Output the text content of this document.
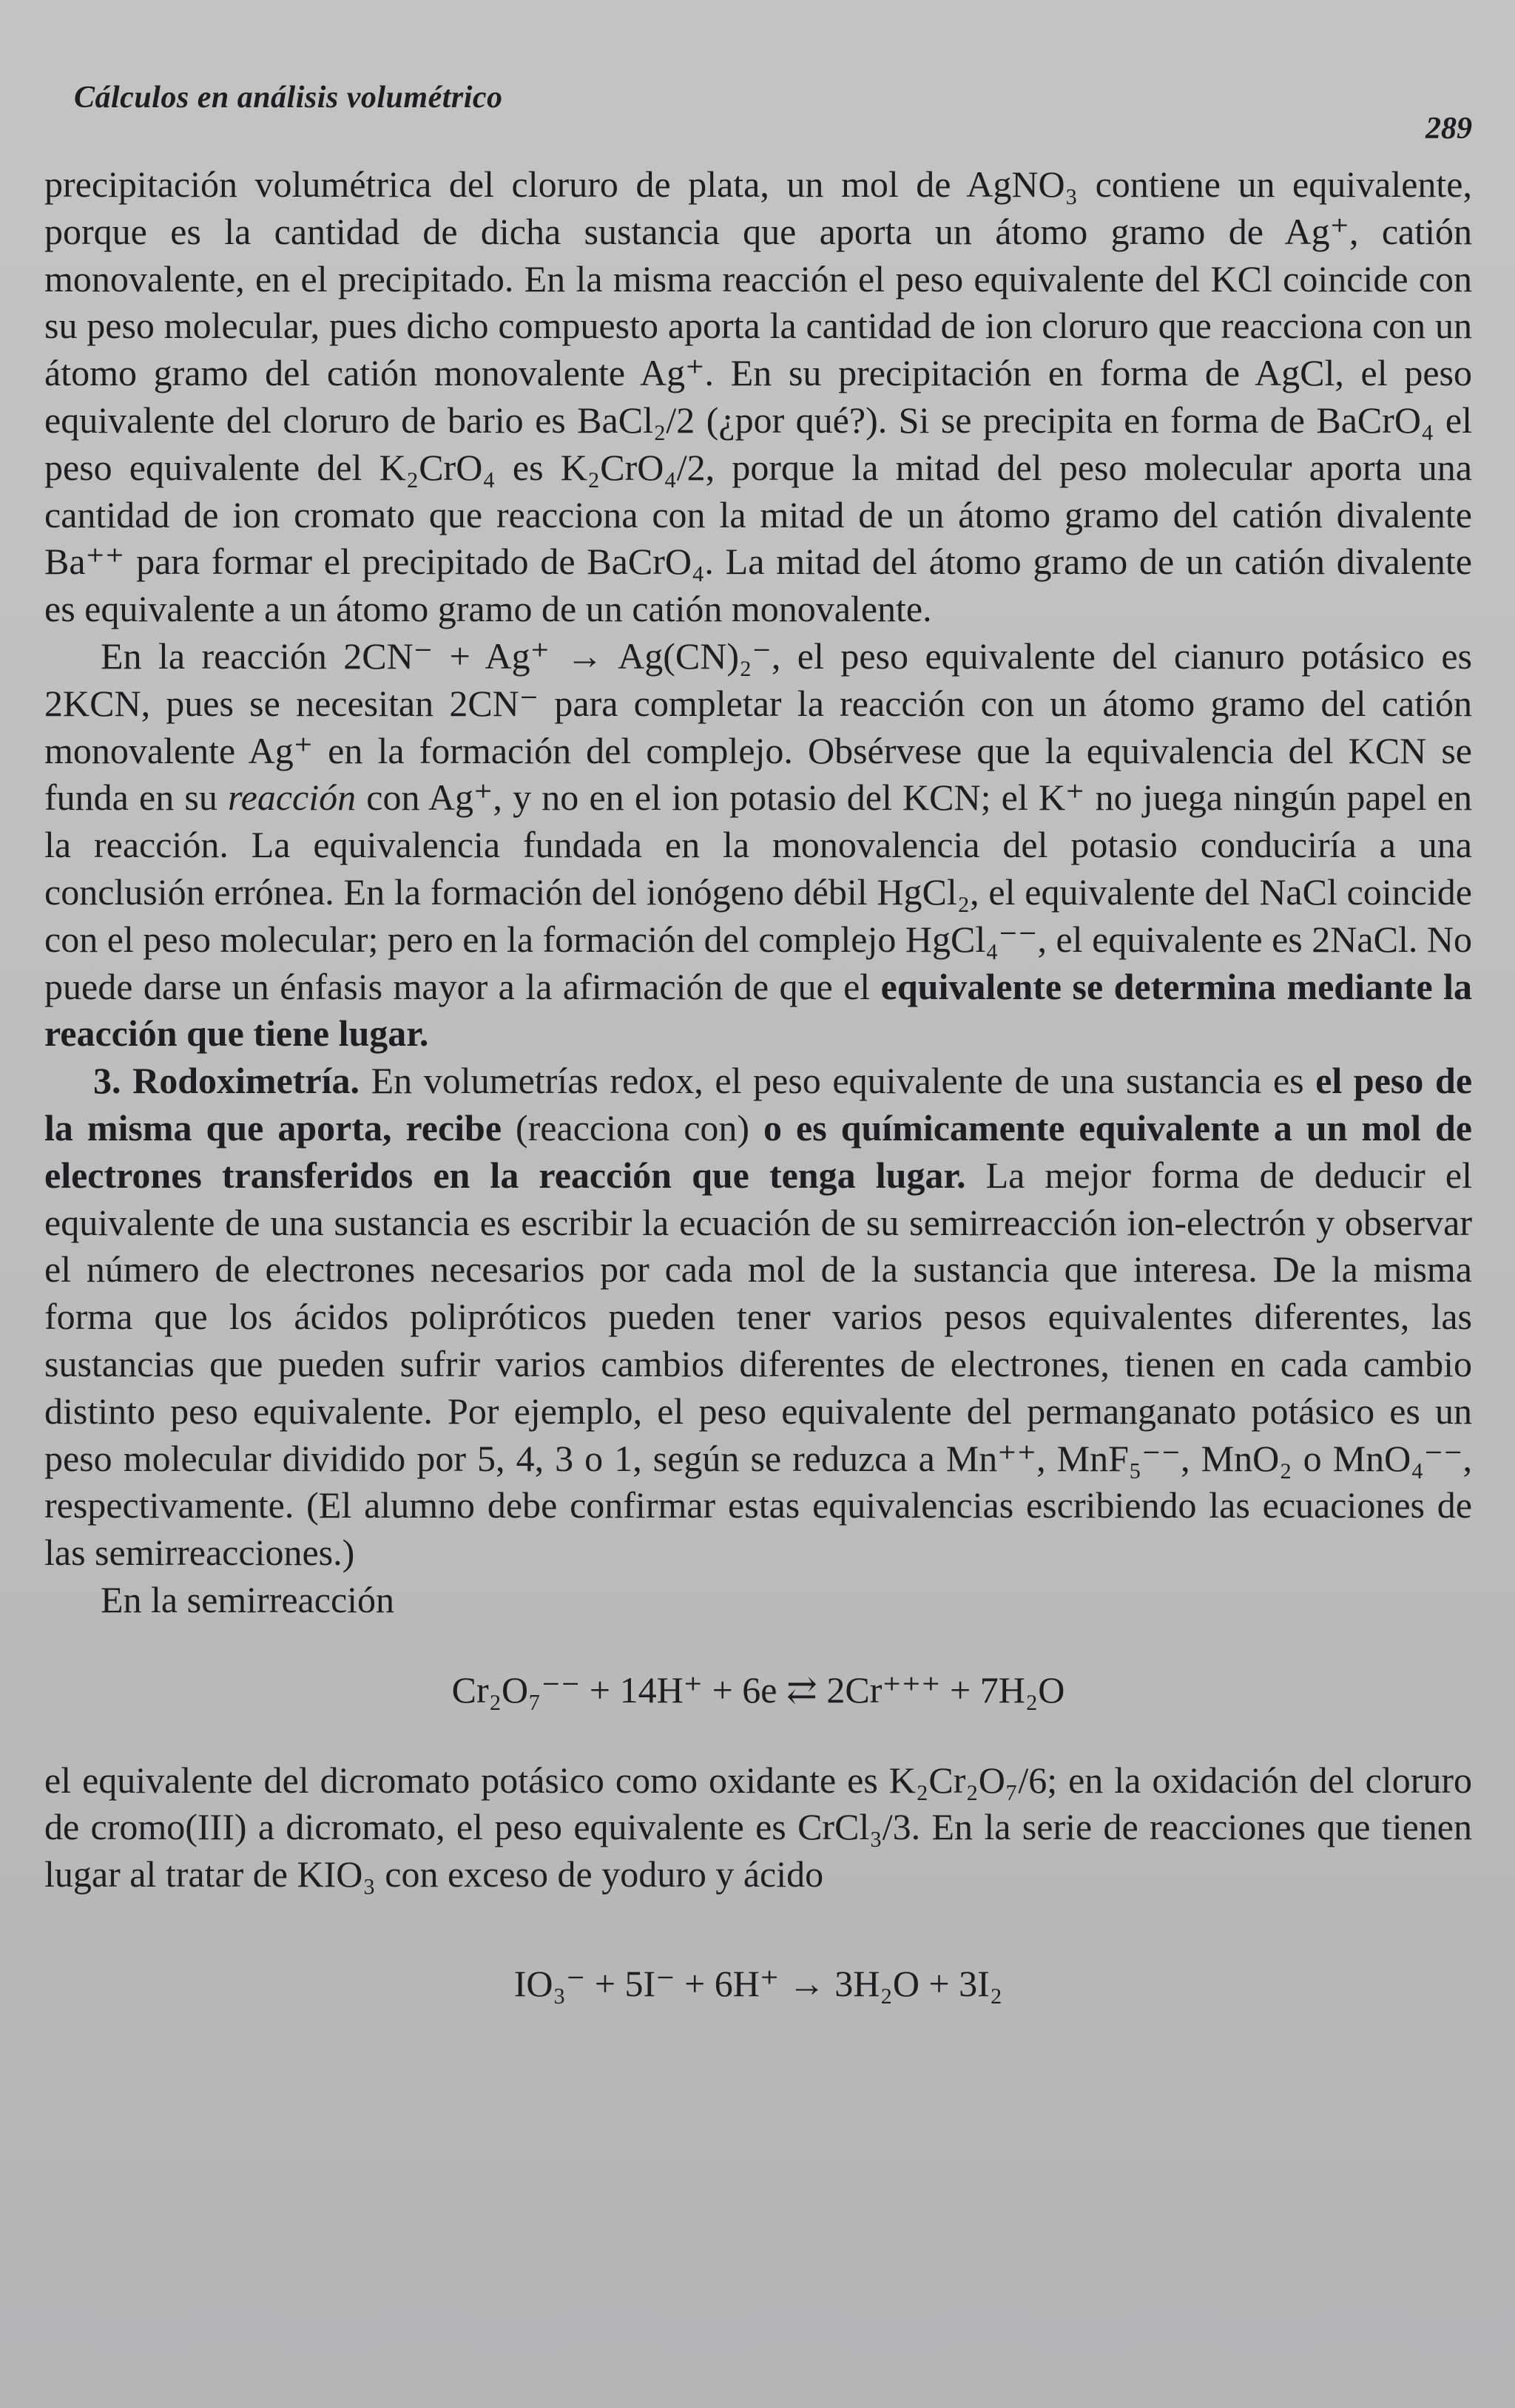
Cálculos en análisis volumétrico
289

precipitación volumétrica del cloruro de plata, un mol de AgNO₃ contiene un equivalente, porque es la cantidad de dicha sustancia que aporta un átomo gramo de Ag⁺, catión monovalente, en el precipitado. En la misma reacción el peso equivalente del KCl coincide con su peso molecular, pues dicho compuesto aporta la cantidad de ion cloruro que reacciona con un átomo gramo del catión monovalente Ag⁺. En su precipitación en forma de AgCl, el peso equivalente del cloruro de bario es BaCl₂/2 (¿por qué?). Si se precipita en forma de BaCrO₄ el peso equivalente del K₂CrO₄ es K₂CrO₄/2, porque la mitad del peso molecular aporta una cantidad de ion cromato que reacciona con la mitad de un átomo gramo del catión divalente Ba⁺⁺ para formar el precipitado de BaCrO₄. La mitad del átomo gramo de un catión divalente es equivalente a un átomo gramo de un catión monovalente.

En la reacción 2CN⁻ + Ag⁺ → Ag(CN)₂⁻, el peso equivalente del cianuro potásico es 2KCN, pues se necesitan 2CN⁻ para completar la reacción con un átomo gramo del catión monovalente Ag⁺ en la formación del complejo. Obsérvese que la equivalencia del KCN se funda en su reacción con Ag⁺, y no en el ion potasio del KCN; el K⁺ no juega ningún papel en la reacción. La equivalencia fundada en la monovalencia del potasio conduciría a una conclusión errónea. En la formación del ionógeno débil HgCl₂, el equivalente del NaCl coincide con el peso molecular; pero en la formación del complejo HgCl₄⁻⁻, el equivalente es 2NaCl. No puede darse un énfasis mayor a la afirmación de que el equivalente se determina mediante la reacción que tiene lugar.

3. Rodoximetría. En volumetrías redox, el peso equivalente de una sustancia es el peso de la misma que aporta, recibe (reacciona con) o es químicamente equivalente a un mol de electrones transferidos en la reacción que tenga lugar. La mejor forma de deducir el equivalente de una sustancia es escribir la ecuación de su semirreacción ion-electrón y observar el número de electrones necesarios por cada mol de la sustancia que interesa. De la misma forma que los ácidos polipróticos pueden tener varios pesos equivalentes diferentes, las sustancias que pueden sufrir varios cambios diferentes de electrones, tienen en cada cambio distinto peso equivalente. Por ejemplo, el peso equivalente del permanganato potásico es un peso molecular dividido por 5, 4, 3 o 1, según se reduzca a Mn⁺⁺, MnF₅⁻⁻, MnO₂ o MnO₄⁻⁻, respectivamente. (El alumno debe confirmar estas equivalencias escribiendo las ecuaciones de las semirreacciones.)

En la semirreacción

Cr₂O₇⁻⁻ + 14H⁺ + 6e ⇄ 2Cr⁺⁺⁺ + 7H₂O

el equivalente del dicromato potásico como oxidante es K₂Cr₂O₇/6; en la oxidación del cloruro de cromo(III) a dicromato, el peso equivalente es CrCl₃/3. En la serie de reacciones que tienen lugar al tratar de KIO₃ con exceso de yoduro y ácido

IO₃⁻ + 5I⁻ + 6H⁺ → 3H₂O + 3I₂
